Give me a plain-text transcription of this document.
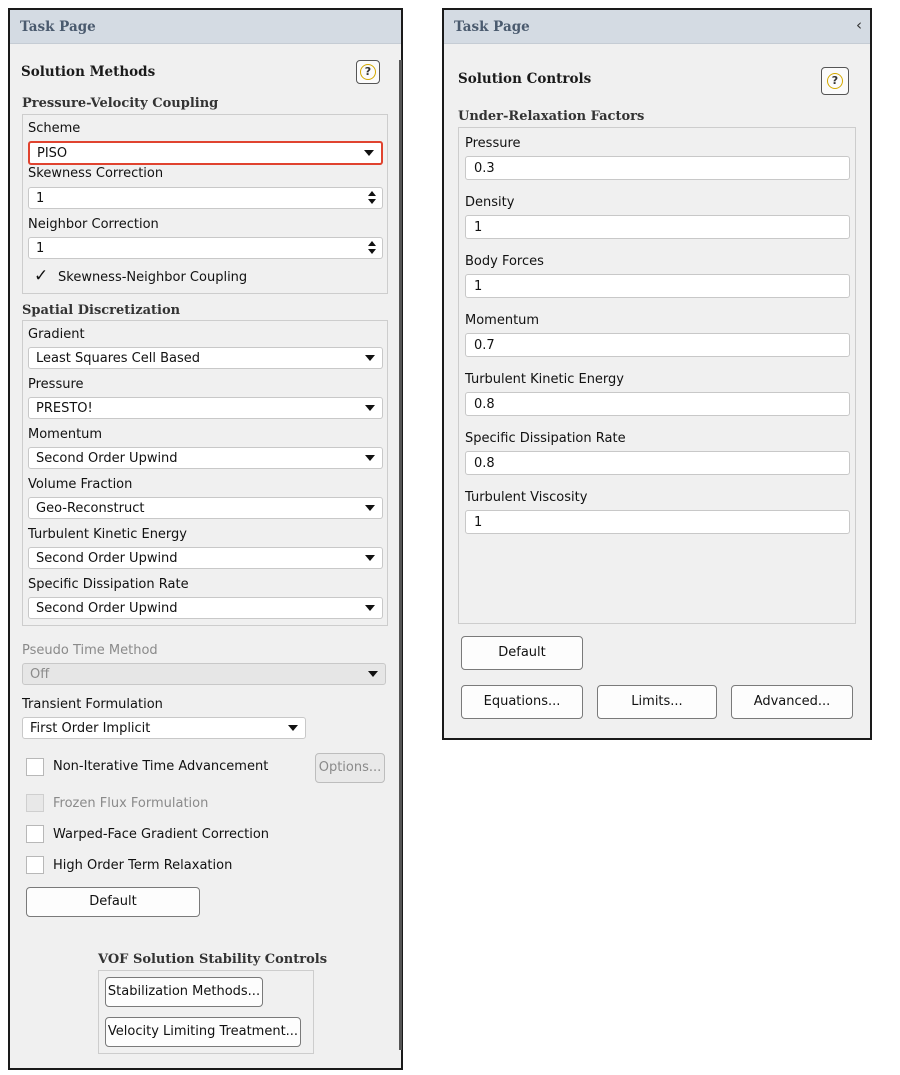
Task Page
Solution Methods	?
Pressure-Velocity Coupling
Scheme
PISO
Skewness Correction
1
Neighbor Correction
1
✓ Skewness-Neighbor Coupling
Spatial Discretization
Gradient
Least Squares Cell Based
Pressure
PRESTO!
Momentum
Second Order Upwind
Volume Fraction
Geo-Reconstruct
Turbulent Kinetic Energy
Second Order Upwind
Specific Dissipation Rate
Second Order Upwind
Pseudo Time Method
Off
Transient Formulation
First Order Implicit
Non-Iterative Time Advancement	Options...
Frozen Flux Formulation
Warped-Face Gradient Correction
High Order Term Relaxation
Default
VOF Solution Stability Controls
Stabilization Methods...
Velocity Limiting Treatment...
Task Page	‹
Solution Controls	?
Under-Relaxation Factors
Pressure
0.3
Density
1
Body Forces
1
Momentum
0.7
Turbulent Kinetic Energy
0.8
Specific Dissipation Rate
0.8
Turbulent Viscosity
1
Default
Equations...	Limits...	Advanced...
